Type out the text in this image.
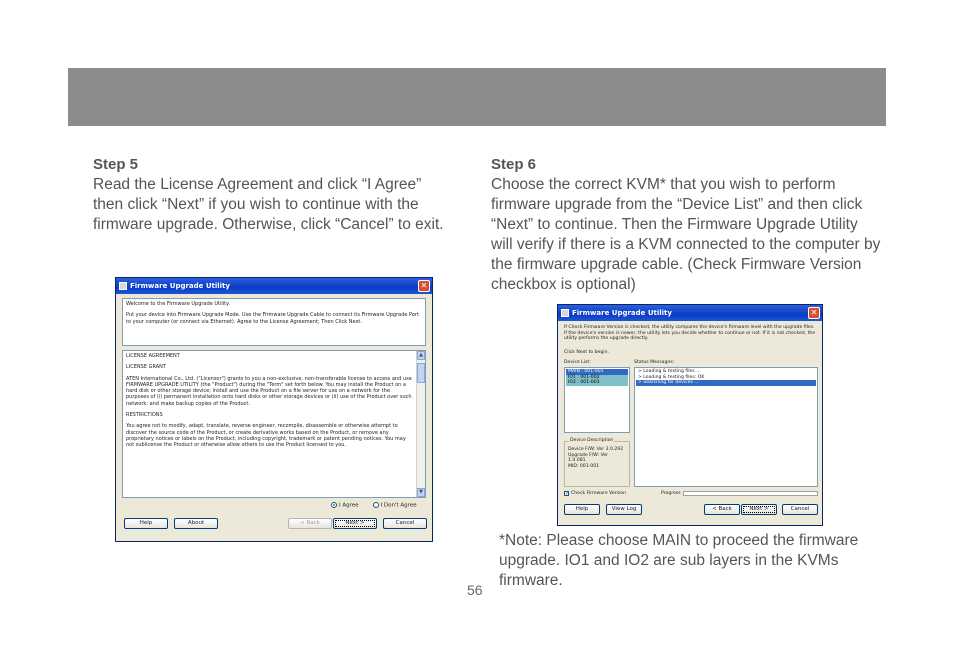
Step 5

Read the License Agreement and click “I Agree” then click “Next” if you wish to continue with the firmware upgrade. Otherwise, click “Cancel” to exit.

Step 6

Choose the correct KVM* that you wish to perform firmware upgrade from the “Device List” and then click “Next” to continue. Then the Firmware Upgrade Utility will verify if there is a KVM connected to the computer by the firmware upgrade cable. (Check Firmware Version checkbox is optional)

Firmware Upgrade Utility	✕
Welcome to the Firmware Upgrade Utility.
Put your device into Firmware Upgrade Mode. Use the Firmware Upgrade Cable to connect its Firmware Upgrade Port to your computer (or connect via Ethernet). Agree to the License Agreement; Then Click Next.
LICENSE AGREEMENT
LICENSE GRANT
ATEN International Co., Ltd. ("Licensor") grants to you a non-exclusive, non-transferable license to access and use FIRMWARE UPGRADE UTILITY (the "Product") during the "Term" set forth below. You may install the Product on a hard disk or other storage device; install and use the Product on a file server for use on a network for the purposes of (i) permanent installation onto hard disks or other storage devices or (ii) use of the Product over such network; and make backup copies of the Product.
RESTRICTIONS
You agree not to modify, adapt, translate, reverse engineer, recompile, disassemble or otherwise attempt to discover the source code of the Product, or create derivative works based on the Product, or remove any proprietary notices or labels on the Product, including copyright, trademark or patent pending notices. You may not sublicense the Product or otherwise allow others to use the Product licensed to you.
▲
▼
I Agree	I Don't Agree
Help	About	< Back	Next >	Cancel
Firmware Upgrade Utility	✕
If Check Firmware Version is checked, the utility compares the device's firmware level with the upgrade files. If the device's version is newer, the utility lets you decide whether to continue or not. If it is not checked, the utility performs the upgrade directly.
Click Next to begin.
Device List:	Status Messages:
MAIN : 001-001
IO1 : 001-002
IO2 : 001-003
> Loading & testing files ...
> Loading & testing files: OK
> Searching for devices ...
Device Description
Device F/W: Ver 3.0.292
Upgrade F/W: Ver 1.0.081
MID: 001-001
✓ Check Firmware Version	Progress
Help	View Log	< Back	Next >	Cancel
*Note: Please choose MAIN to proceed the firmware upgrade. IO1 and IO2 are sub layers in the KVMs firmware.
56
